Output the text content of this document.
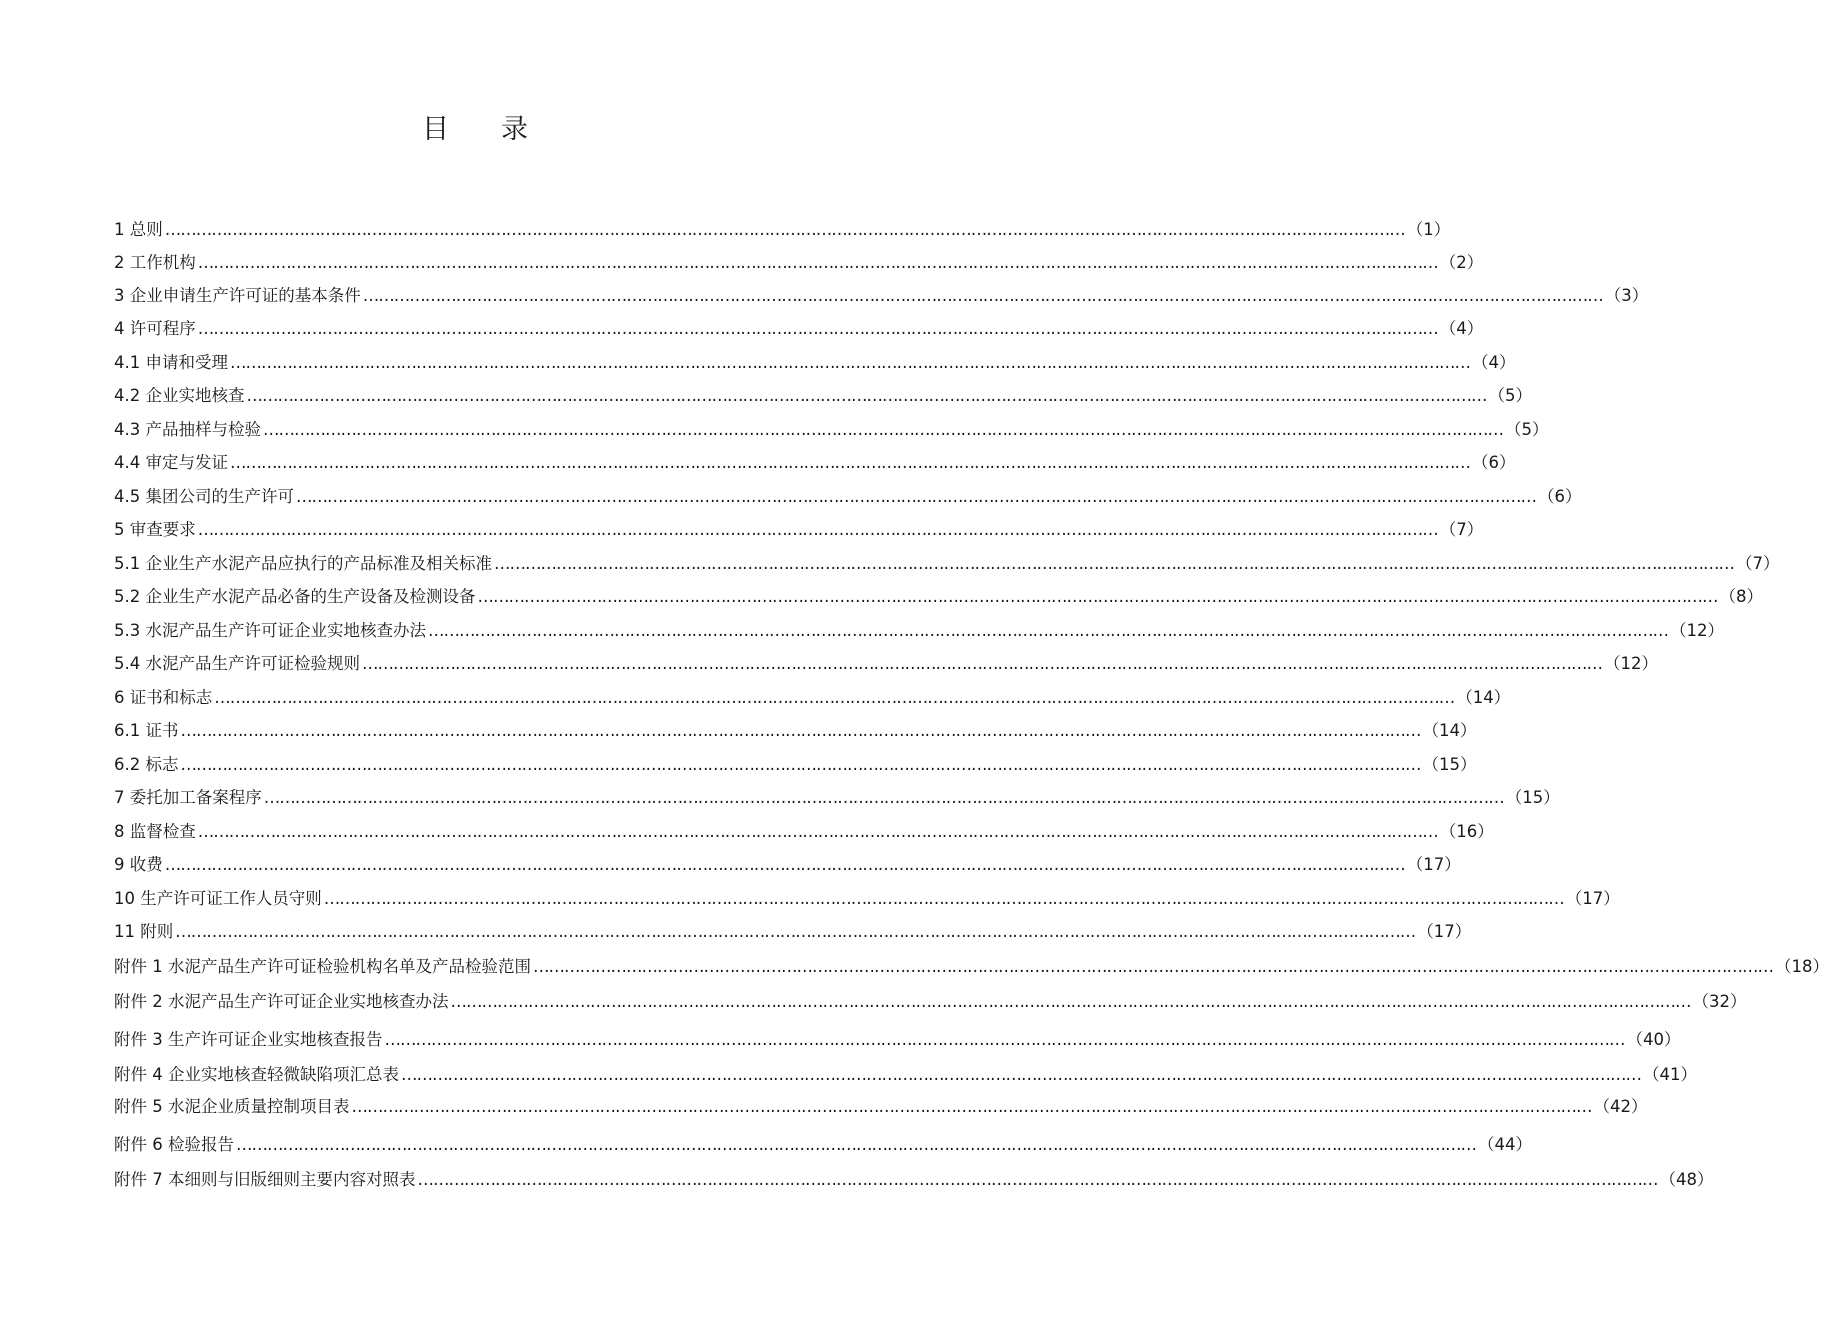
目 录
1 总则 …………………………………………………………………………………………………………………………………………………………………………………………………………………… （1）
2 工作机构 …………………………………………………………………………………………………………………………………………………………………………………………………………………… （2）
3 企业申请生产许可证的基本条件 …………………………………………………………………………………………………………………………………………………………………………………………………………………… （3）
4 许可程序 …………………………………………………………………………………………………………………………………………………………………………………………………………………… （4）
4.1 申请和受理 …………………………………………………………………………………………………………………………………………………………………………………………………………………… （4）
4.2 企业实地核查 …………………………………………………………………………………………………………………………………………………………………………………………………………………… （5）
4.3 产品抽样与检验 …………………………………………………………………………………………………………………………………………………………………………………………………………………… （5）
4.4 审定与发证 …………………………………………………………………………………………………………………………………………………………………………………………………………………… （6）
4.5 集团公司的生产许可 …………………………………………………………………………………………………………………………………………………………………………………………………………………… （6）
5 审查要求 …………………………………………………………………………………………………………………………………………………………………………………………………………………… （7）
5.1 企业生产水泥产品应执行的产品标准及相关标准 …………………………………………………………………………………………………………………………………………………………………………………………………………………… （7）
5.2 企业生产水泥产品必备的生产设备及检测设备 …………………………………………………………………………………………………………………………………………………………………………………………………………………… （8）
5.3 水泥产品生产许可证企业实地核查办法 …………………………………………………………………………………………………………………………………………………………………………………………………………………… （12）
5.4 水泥产品生产许可证检验规则 …………………………………………………………………………………………………………………………………………………………………………………………………………………… （12）
6 证书和标志 …………………………………………………………………………………………………………………………………………………………………………………………………………………… （14）
6.1 证书 …………………………………………………………………………………………………………………………………………………………………………………………………………………… （14）
6.2 标志 …………………………………………………………………………………………………………………………………………………………………………………………………………………… （15）
7 委托加工备案程序 …………………………………………………………………………………………………………………………………………………………………………………………………………………… （15）
8 监督检查 …………………………………………………………………………………………………………………………………………………………………………………………………………………… （16）
9 收费 …………………………………………………………………………………………………………………………………………………………………………………………………………………… （17）
10 生产许可证工作人员守则 …………………………………………………………………………………………………………………………………………………………………………………………………………………… （17）
11 附则 …………………………………………………………………………………………………………………………………………………………………………………………………………………… （17）
附件 1 水泥产品生产许可证检验机构名单及产品检验范围 …………………………………………………………………………………………………………………………………………………………………………………………………………………… （18）
附件 2 水泥产品生产许可证企业实地核查办法 …………………………………………………………………………………………………………………………………………………………………………………………………………………… （32）
附件 3 生产许可证企业实地核查报告 …………………………………………………………………………………………………………………………………………………………………………………………………………………… （40）
附件 4 企业实地核查轻微缺陷项汇总表 …………………………………………………………………………………………………………………………………………………………………………………………………………………… （41）
附件 5 水泥企业质量控制项目表 …………………………………………………………………………………………………………………………………………………………………………………………………………………… （42）
附件 6 检验报告 …………………………………………………………………………………………………………………………………………………………………………………………………………………… （44）
附件 7 本细则与旧版细则主要内容对照表 …………………………………………………………………………………………………………………………………………………………………………………………………………………… （48）
